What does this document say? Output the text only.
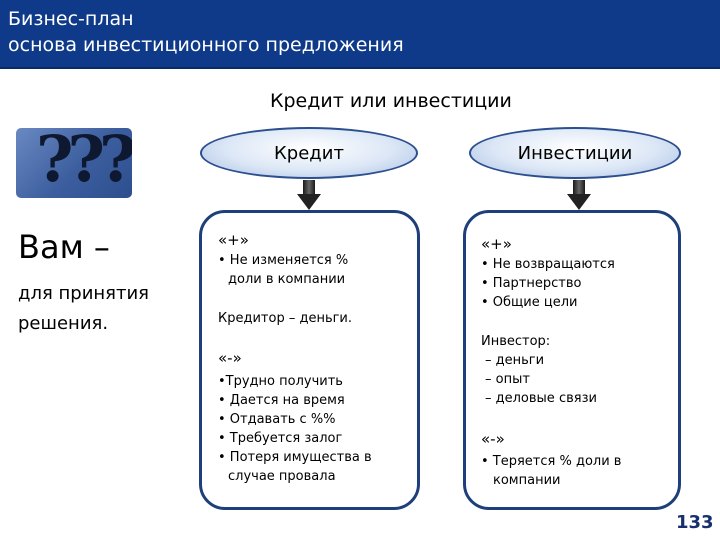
Бизнес-план
основа инвестиционного предложения
Кредит или инвестиции
???
Вам –
для принятия
решения.
Кредит	Инвестиции
«+»
• Не изменяется %
доли в компании
Кредитор – деньги.
«-»
•Трудно получить
• Дается на время
• Отдавать с %%
• Требуется залог
• Потеря имущества в
случае провала
«+»
• Не возвращаются
• Партнерство
• Общие цели
Инвестор:
– деньги
– опыт
– деловые связи
«-»
• Теряется % доли в
компании
133
